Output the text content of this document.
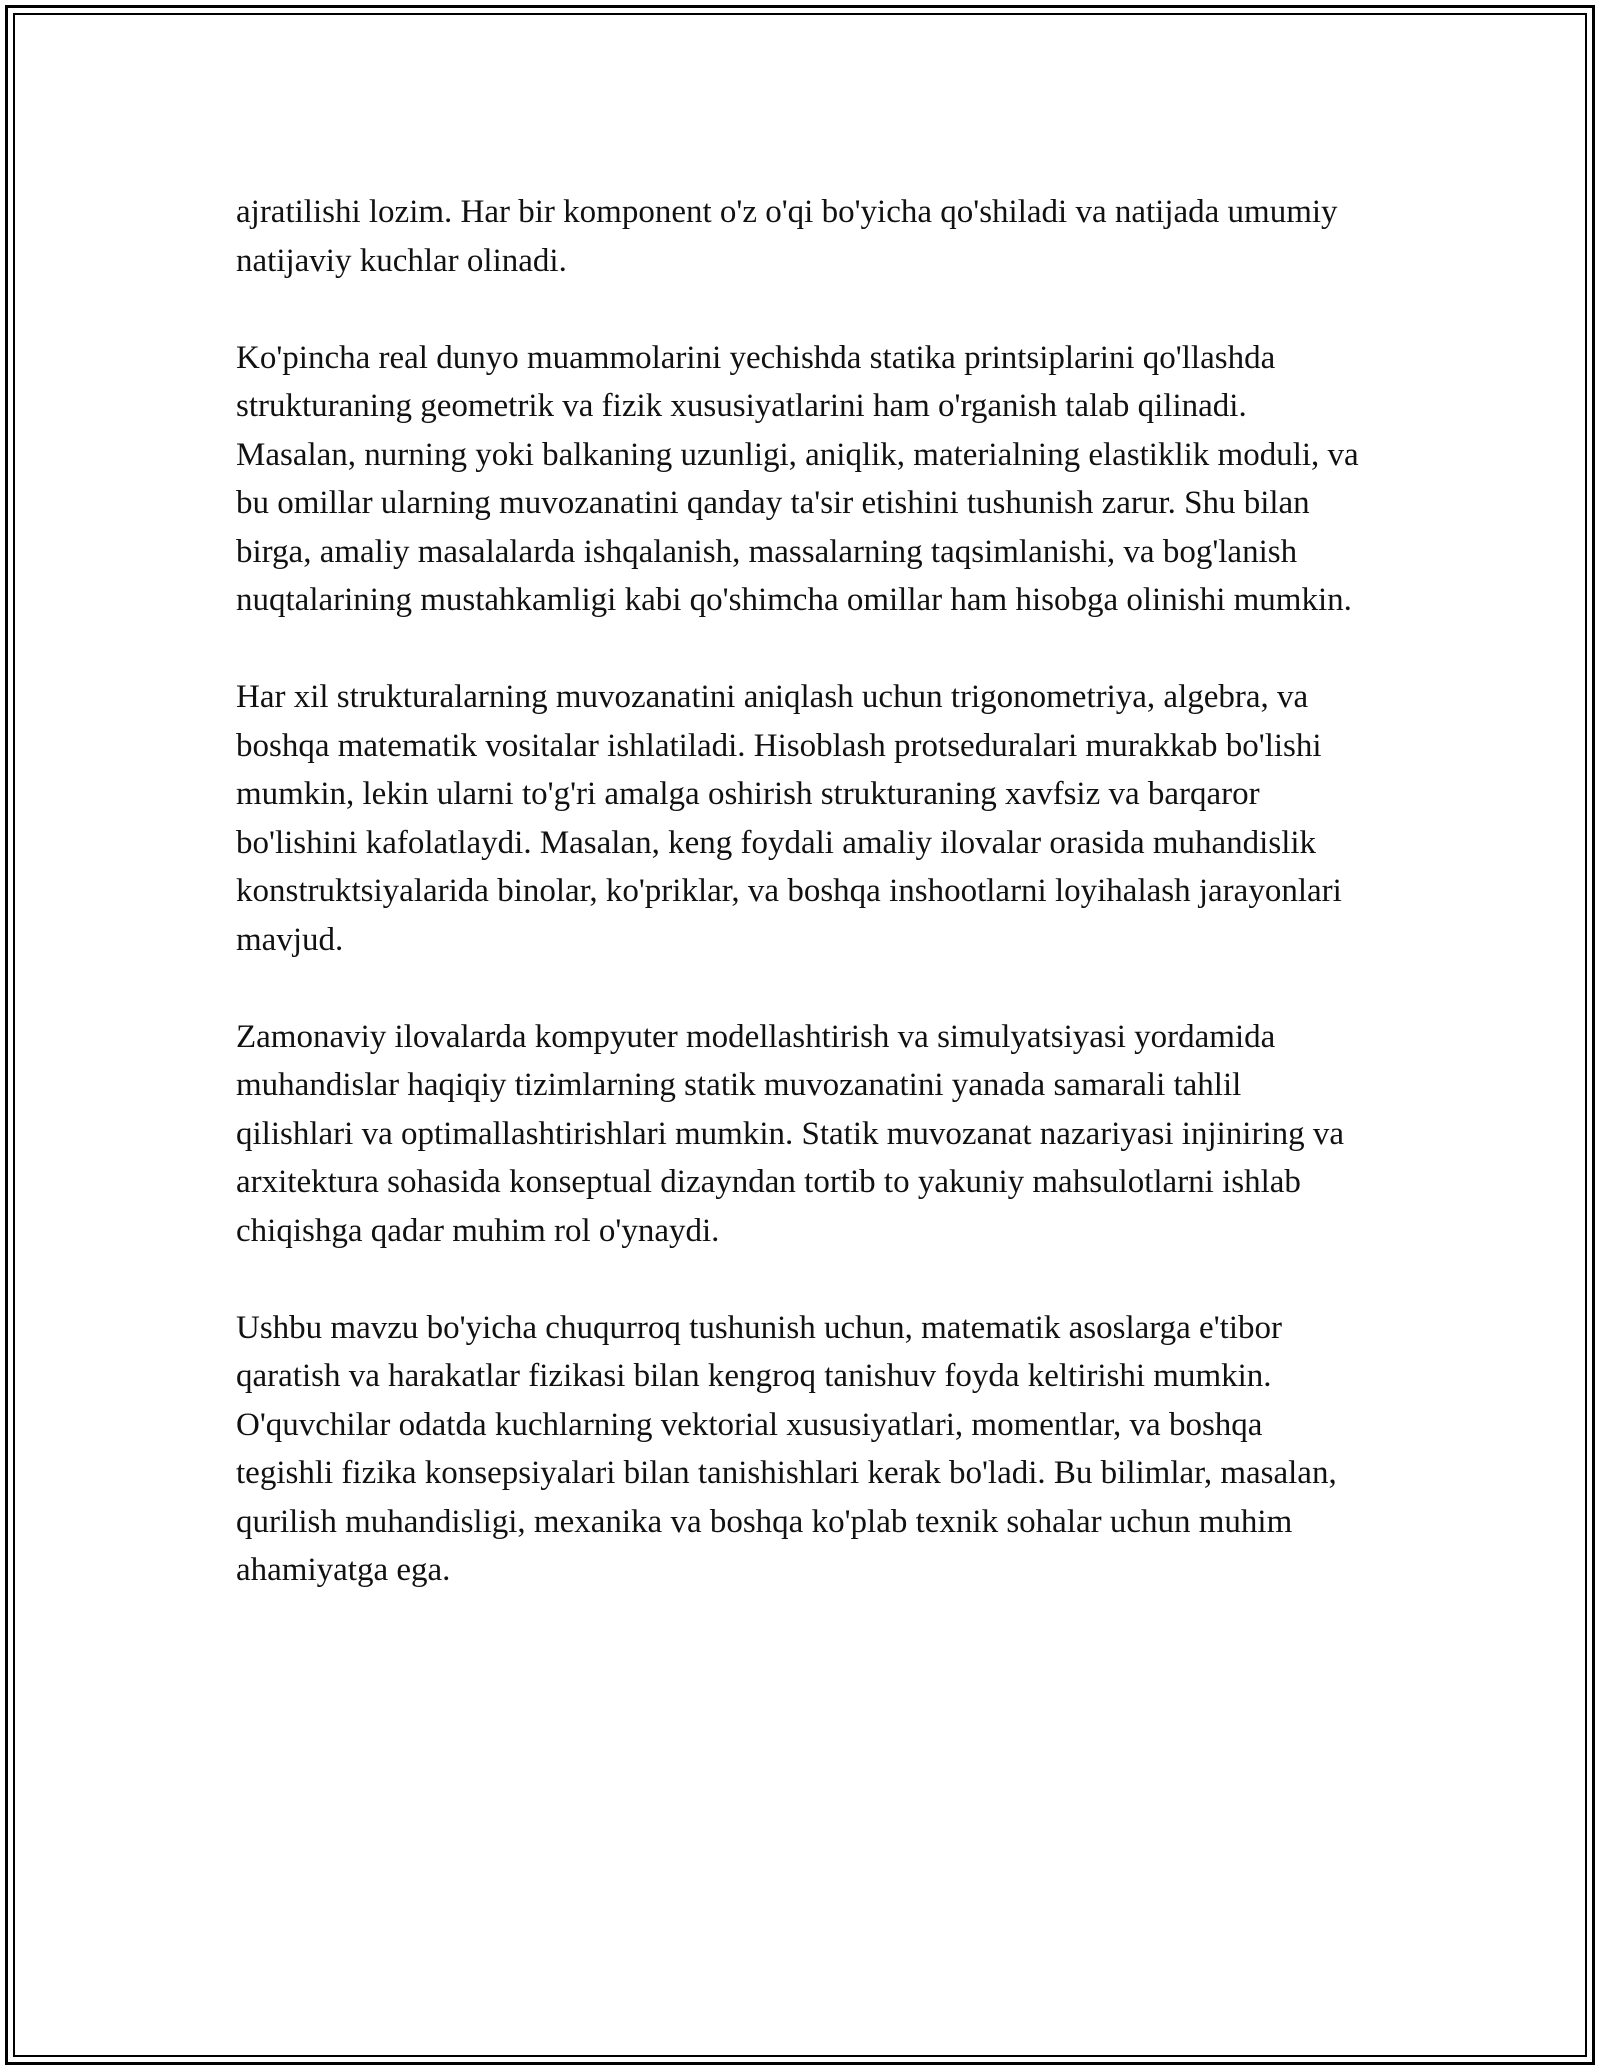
ajratilishi lozim. Har bir komponent o'z o'qi bo'yicha qo'shiladi va natijada umumiy natijaviy kuchlar olinadi.

Ko'pincha real dunyo muammolarini yechishda statika printsiplarini qo'llashda strukturaning geometrik va fizik xususiyatlarini ham o'rganish talab qilinadi. Masalan, nurning yoki balkaning uzunligi, aniqlik, materialning elastiklik moduli, va bu omillar ularning muvozanatini qanday ta'sir etishini tushunish zarur. Shu bilan birga, amaliy masalalarda ishqalanish, massalarning taqsimlanishi, va bog'lanish nuqtalarining mustahkamligi kabi qo'shimcha omillar ham hisobga olinishi mumkin.

Har xil strukturalarning muvozanatini aniqlash uchun trigonometriya, algebra, va boshqa matematik vositalar ishlatiladi. Hisoblash protseduralari murakkab bo'lishi mumkin, lekin ularni to'g'ri amalga oshirish strukturaning xavfsiz va barqaror bo'lishini kafolatlaydi. Masalan, keng foydali amaliy ilovalar orasida muhandislik konstruktsiyalarida binolar, ko'priklar, va boshqa inshootlarni loyihalash jarayonlari mavjud.

Zamonaviy ilovalarda kompyuter modellashtirish va simulyatsiyasi yordamida muhandislar haqiqiy tizimlarning statik muvozanatini yanada samarali tahlil qilishlari va optimallashtirishlari mumkin. Statik muvozanat nazariyasi injiniring va arxitektura sohasida konseptual dizayndan tortib to yakuniy mahsulotlarni ishlab chiqishga qadar muhim rol o'ynaydi.

Ushbu mavzu bo'yicha chuqurroq tushunish uchun, matematik asoslarga e'tibor qaratish va harakatlar fizikasi bilan kengroq tanishuv foyda keltirishi mumkin. O'quvchilar odatda kuchlarning vektorial xususiyatlari, momentlar, va boshqa tegishli fizika konsepsiyalari bilan tanishishlari kerak bo'ladi. Bu bilimlar, masalan, qurilish muhandisligi, mexanika va boshqa ko'plab texnik sohalar uchun muhim ahamiyatga ega.
